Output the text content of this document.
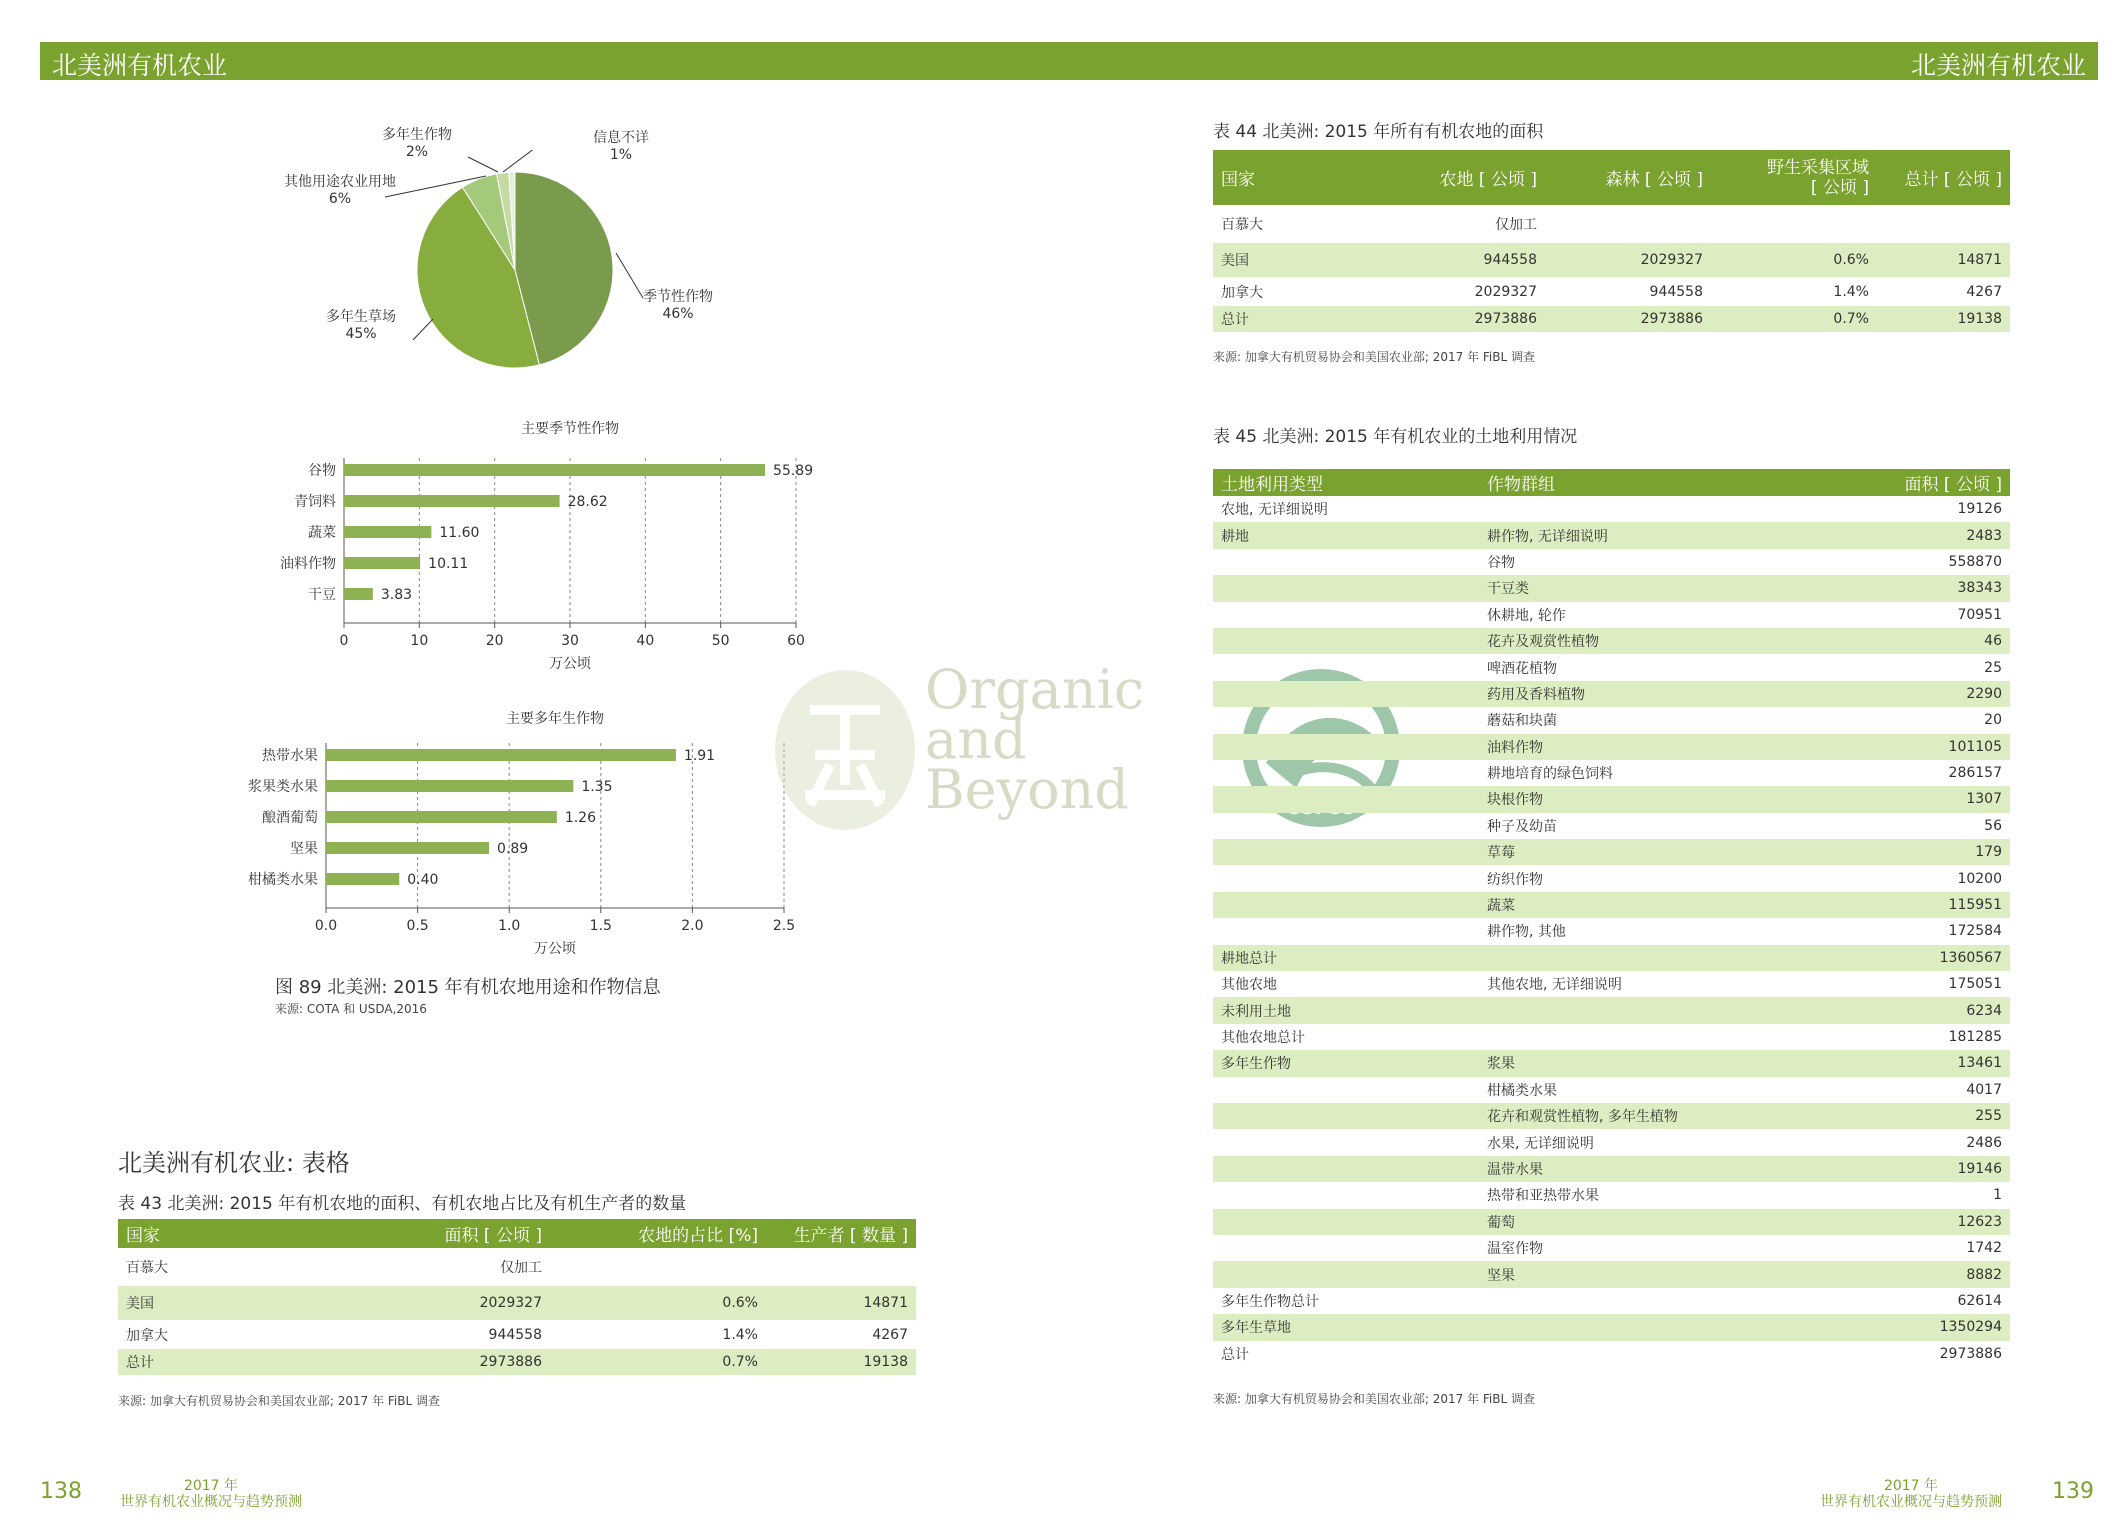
北美洲有机农业	北美洲有机农业
季节性作物
46%
多年生草场
45%
其他用途农业用地
6%
多年生作物
2%
信息不详
1%
主要季节性作物
0	10	20	30	40	50	60
谷物	55.89
青饲料	28.62
蔬菜	11.60
油料作物	10.11
干豆	3.83
万公顷
主要多年生作物
0.0	0.5	1.0	1.5	2.0	2.5
热带水果	1.91
浆果类水果	1.35
酿酒葡萄	1.26
坚果	0.89
柑橘类水果	0.40
万公顷
图 89 北美洲: 2015 年有机农地用途和作物信息
来源: COTA 和 USDA,2016
Organic
and
Beyond
北美洲有机农业: 表格
表 43 北美洲: 2015 年有机农地的面积、有机农地占比及有机生产者的数量
国家	面积 [ 公顷 ]	农地的占比 [%]	生产者 [ 数量 ]
百慕大	仅加工		
美国	2029327	0.6%	14871
加拿大	944558	1.4%	4267
总计	2973886	0.7%	19138
来源: 加拿大有机贸易协会和美国农业部; 2017 年 FiBL 调查
表 44 北美洲: 2015 年所有有机农地的面积
国家	农地 [ 公顷 ]	森林 [ 公顷 ]	野生采集区域
[ 公顷 ]	总计 [ 公顷 ]
百慕大	仅加工			
美国	944558	2029327	0.6%	14871
加拿大	2029327	944558	1.4%	4267
总计	2973886	2973886	0.7%	19138
来源: 加拿大有机贸易协会和美国农业部; 2017 年 FiBL 调查
表 45 北美洲: 2015 年有机农业的土地利用情况
土地利用类型	作物群组	面积 [ 公顷 ]
农地, 无详细说明		19126
耕地	耕作物, 无详细说明	2483
	谷物	558870
	干豆类	38343
	休耕地, 轮作	70951
	花卉及观赏性植物	46
	啤酒花植物	25
	药用及香料植物	2290
	蘑菇和块菌	20
	油料作物	101105
	耕地培育的绿色饲料	286157
	块根作物	1307
	种子及幼苗	56
	草莓	179
	纺织作物	10200
	蔬菜	115951
	耕作物, 其他	172584
耕地总计		1360567
其他农地	其他农地, 无详细说明	175051
未利用土地		6234
其他农地总计		181285
多年生作物	浆果	13461
	柑橘类水果	4017
	花卉和观赏性植物, 多年生植物	255
	水果, 无详细说明	2486
	温带水果	19146
	热带和亚热带水果	1
	葡萄	12623
	温室作物	1742
	坚果	8882
多年生作物总计		62614
多年生草地		1350294
总计		2973886
来源: 加拿大有机贸易协会和美国农业部; 2017 年 FiBL 调查
138	2017 年
世界有机农业概况与趋势预测
2017 年
世界有机农业概况与趋势预测 139
